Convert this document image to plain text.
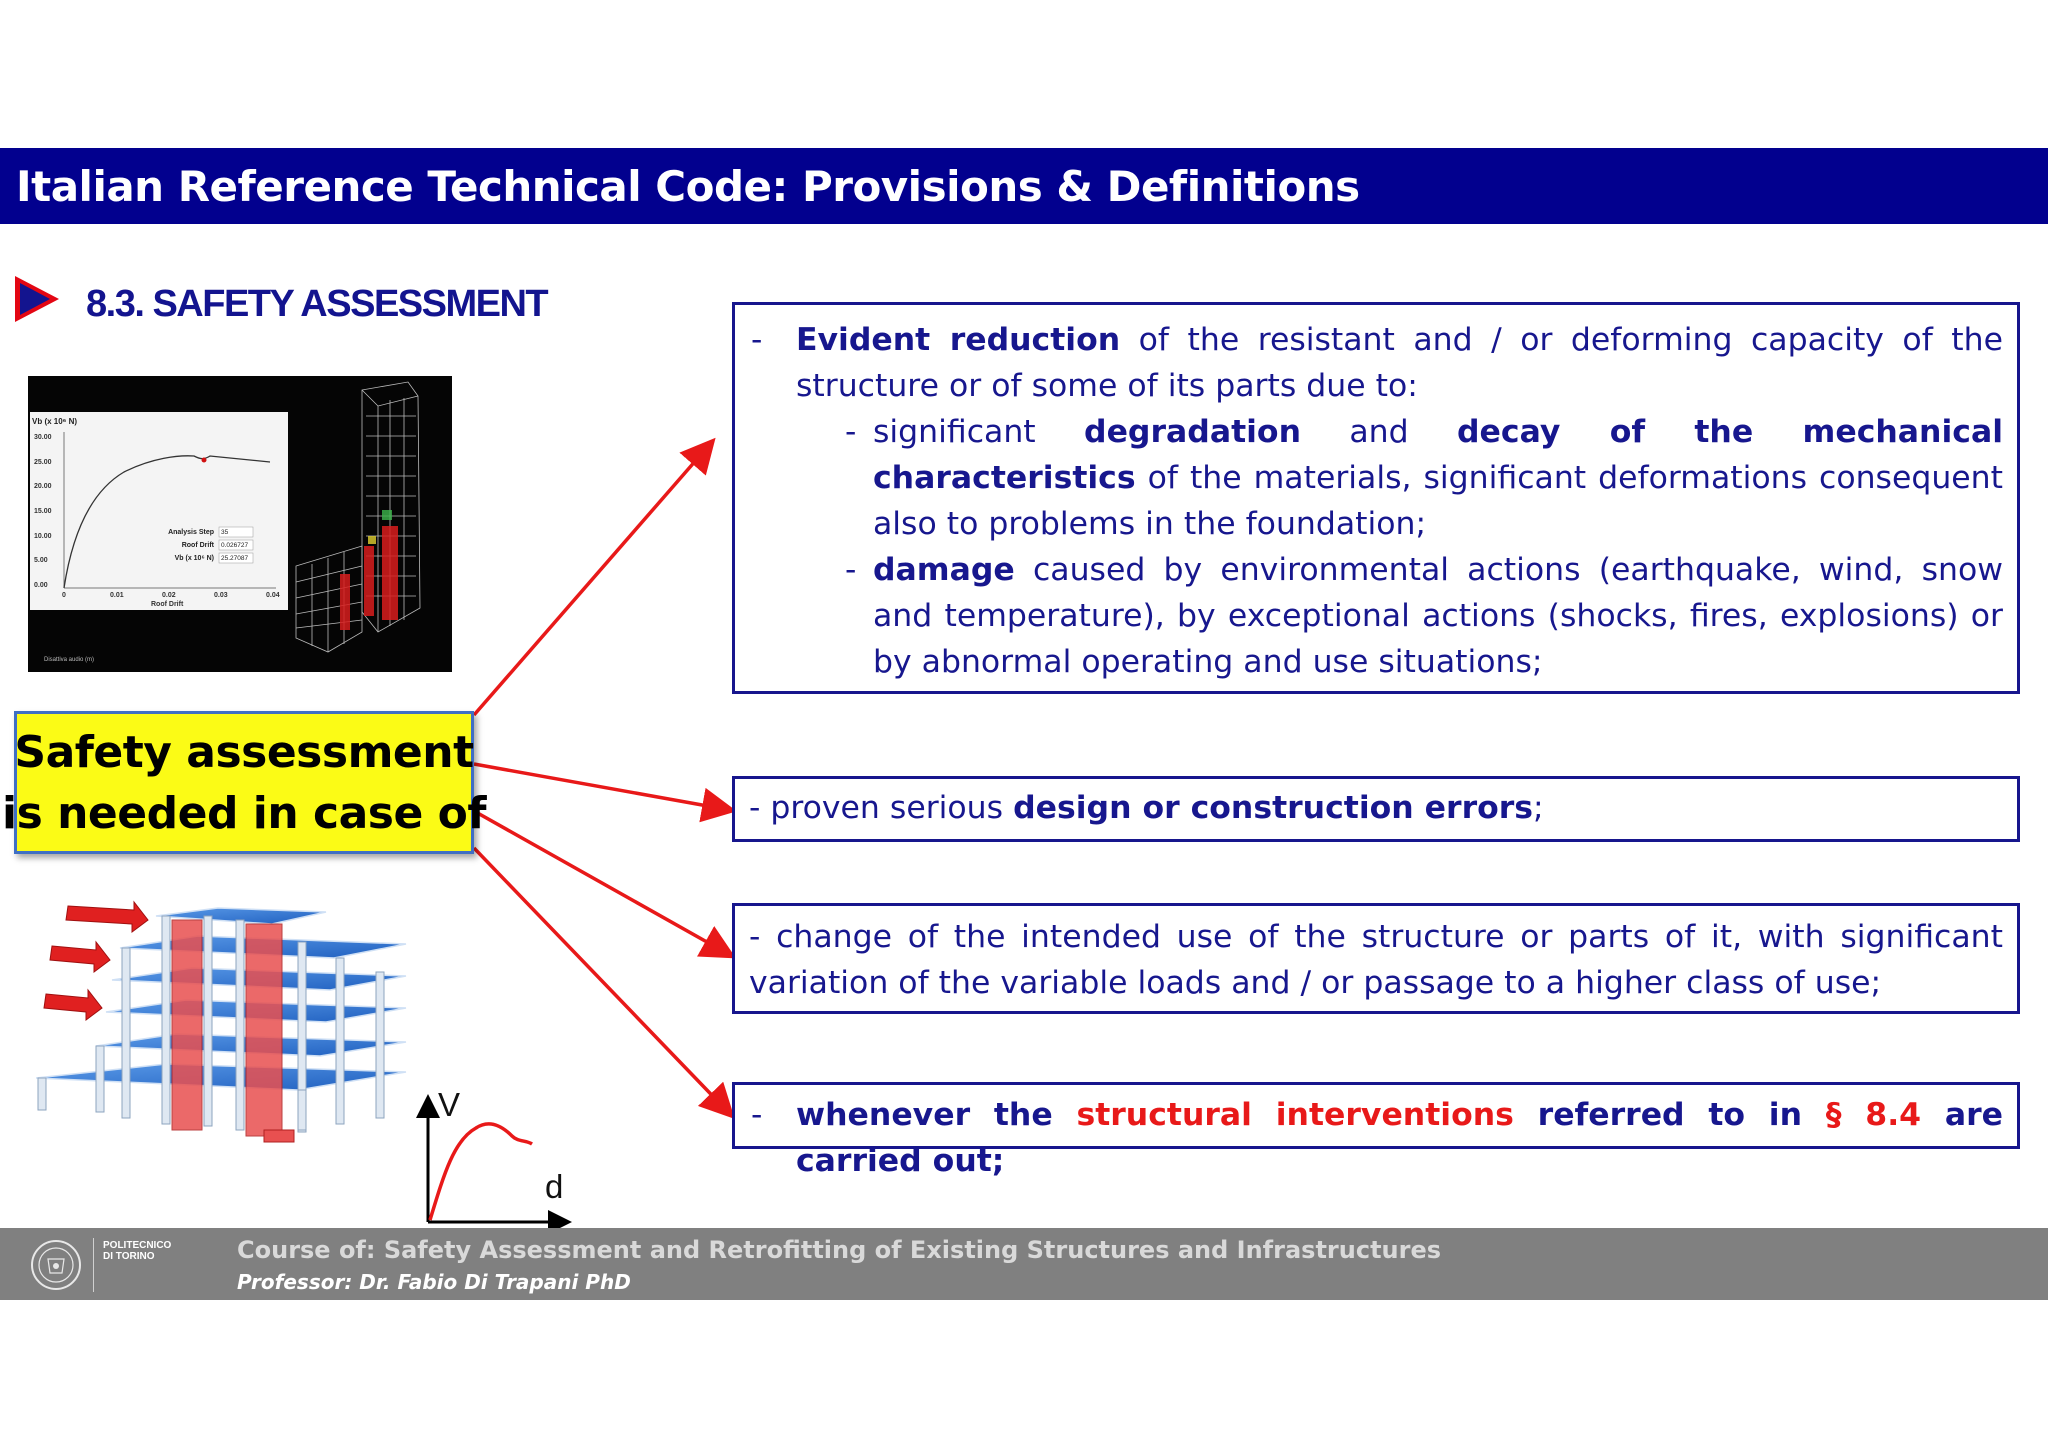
Italian Reference Technical Code: Provisions & Definitions
8.3. SAFETY ASSESSMENT
Vb (x 10⁶ N)
30.00
25.00
20.00
15.00
10.00
5.00
0.00
0	0.01	0.02	0.03	0.04
Roof Drift
Analysis Step
Roof Drift
Vb (x 10⁶ N)
35
0.026727
25.27087
Disattiva audio (m)
Safety assessment
is needed in case of
- Evident reduction of the resistant and / or deforming capacity of the structure or of some of its parts due to:
- significant degradation and decay of the mechanical characteristics of the materials, significant deformations consequent also to problems in the foundation;
- damage caused by environmental actions (earthquake, wind, snow and temperature), by exceptional actions (shocks, fires, explosions) or by abnormal operating and use situations;
- proven serious design or construction errors;
- change of the intended use of the structure or parts of it, with significant variation of the variable loads and / or passage to a higher class of use;
- whenever the structural interventions referred to in § 8.4 are carried out;
V
d
POLITECNICO
DI TORINO	Course of: Safety Assessment and Retrofitting of Existing Structures and Infrastructures
Professor: Dr. Fabio Di Trapani PhD
